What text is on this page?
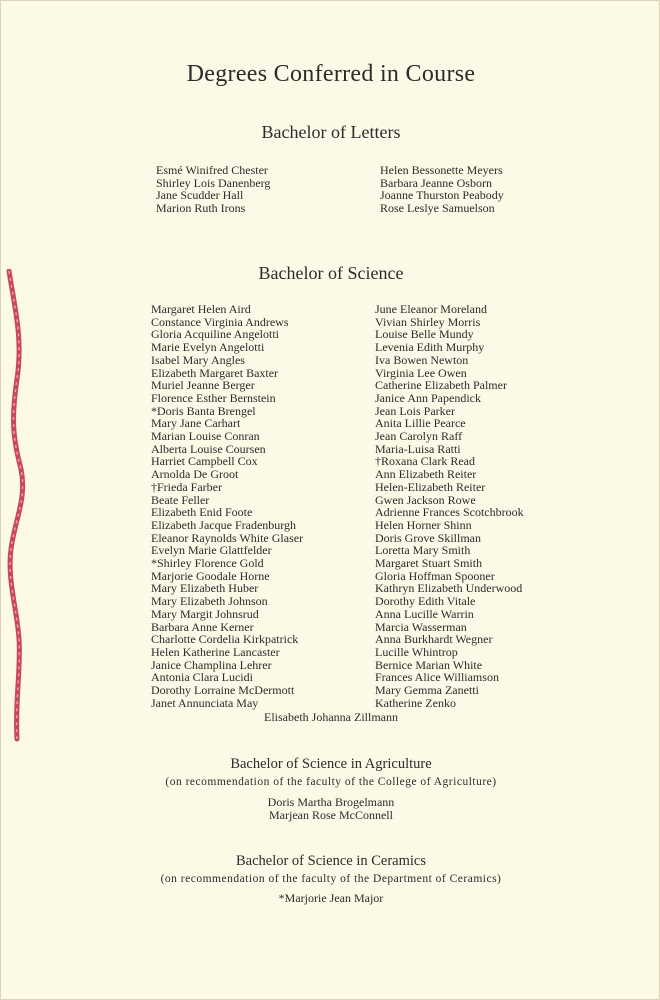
Degrees Conferred in Course
Bachelor of Letters
Esmé Winifred Chester
Shirley Lois Danenberg
Jane Scudder Hall
Marion Ruth Irons
Helen Bessonette Meyers
Barbara Jeanne Osborn
Joanne Thurston Peabody
Rose Leslye Samuelson
Bachelor of Science
Margaret Helen Aird
Constance Virginia Andrews
Gloria Acquiline Angelotti
Marie Evelyn Angelotti
Isabel Mary Angles
Elizabeth Margaret Baxter
Muriel Jeanne Berger
Florence Esther Bernstein
*Doris Banta Brengel
Mary Jane Carhart
Marian Louise Conran
Alberta Louise Coursen
Harriet Campbell Cox
Arnolda De Groot
†Frieda Farber
Beate Feller
Elizabeth Enid Foote
Elizabeth Jacque Fradenburgh
Eleanor Raynolds White Glaser
Evelyn Marie Glattfelder
*Shirley Florence Gold
Marjorie Goodale Horne
Mary Elizabeth Huber
Mary Elizabeth Johnson
Mary Margit Johnsrud
Barbara Anne Kerner
Charlotte Cordelia Kirkpatrick
Helen Katherine Lancaster
Janice Champlina Lehrer
Antonia Clara Lucidi
Dorothy Lorraine McDermott
Janet Annunciata May
June Eleanor Moreland
Vivian Shirley Morris
Louise Belle Mundy
Levenia Edith Murphy
Iva Bowen Newton
Virginia Lee Owen
Catherine Elizabeth Palmer
Janice Ann Papendick
Jean Lois Parker
Anita Lillie Pearce
Jean Carolyn Raff
Maria-Luisa Ratti
†Roxana Clark Read
Ann Elizabeth Reiter
Helen-Elizabeth Reiter
Gwen Jackson Rowe
Adrienne Frances Scotchbrook
Helen Horner Shinn
Doris Grove Skillman
Loretta Mary Smith
Margaret Stuart Smith
Gloria Hoffman Spooner
Kathryn Elizabeth Underwood
Dorothy Edith Vitale
Anna Lucille Warrin
Marcia Wasserman
Anna Burkhardt Wegner
Lucille Whintrop
Bernice Marian White
Frances Alice Williamson
Mary Gemma Zanetti
Katherine Zenko
Elisabeth Johanna Zillmann
Bachelor of Science in Agriculture
(on recommendation of the faculty of the College of Agriculture)
Doris Martha Brogelmann
Marjean Rose McConnell
Bachelor of Science in Ceramics
(on recommendation of the faculty of the Department of Ceramics)
*Marjorie Jean Major
